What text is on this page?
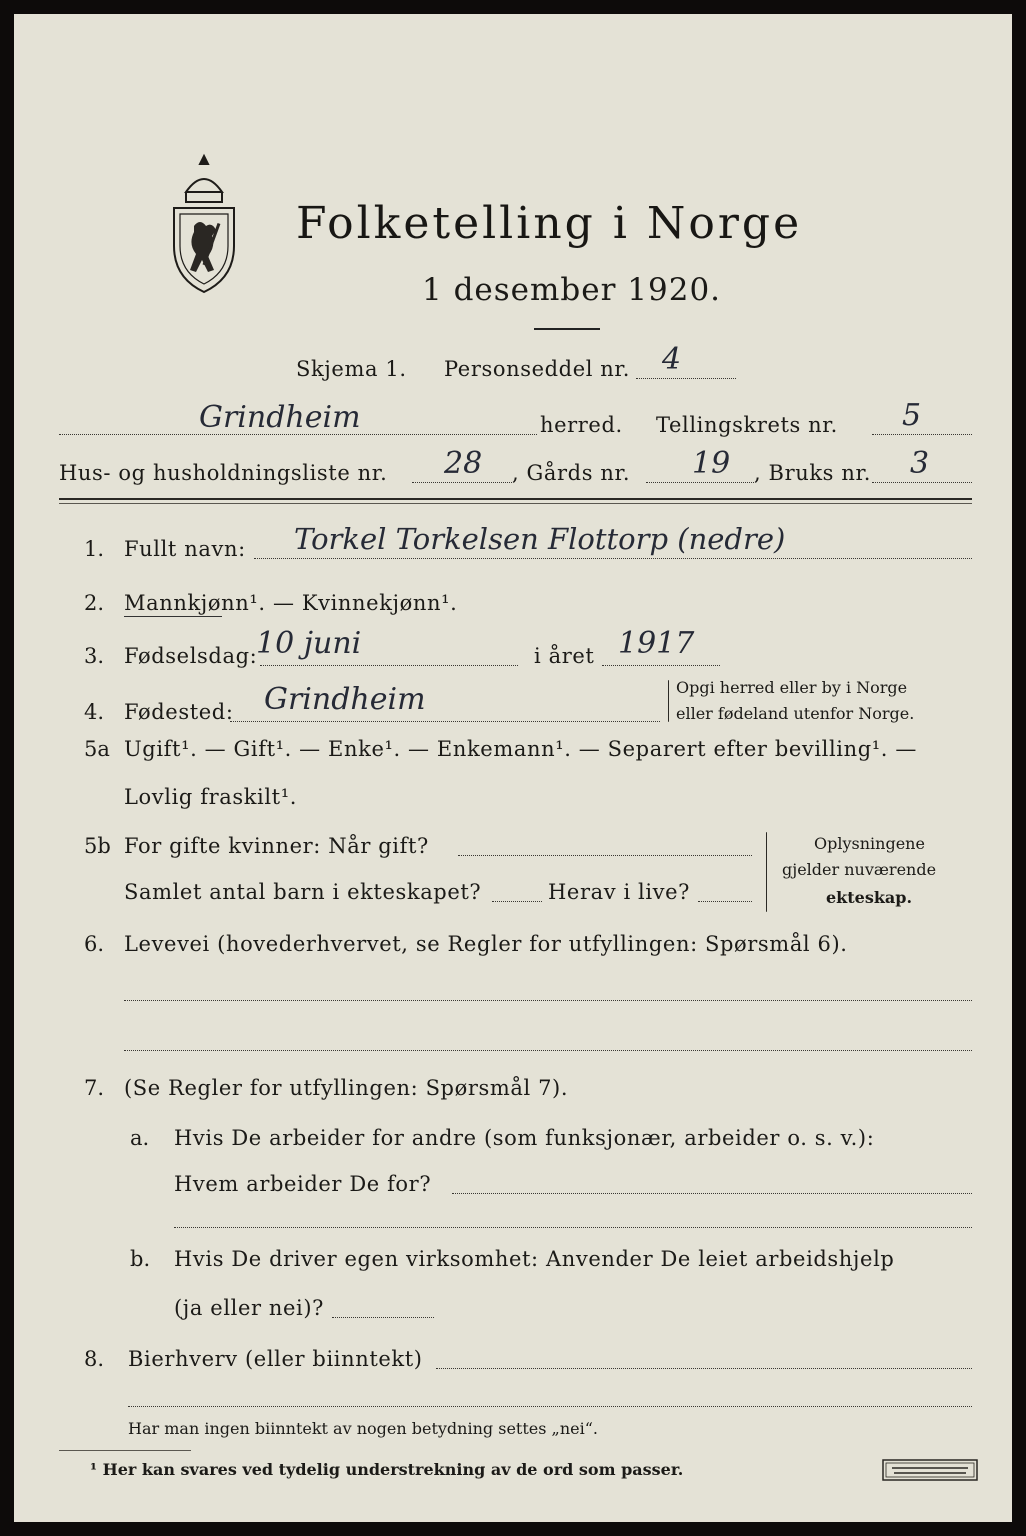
Folketelling i Norge
1 desember 1920.
Skjema 1. Personseddel nr. 4
Grindheim	herred. Tellingskrets nr. 5
Hus- og husholdningsliste nr. 28 , Gårds nr. 19 , Bruks nr. 3
1. Fullt navn: Torkel Torkelsen Flottorp (nedre)
2. Mannkjønn¹. — Kvinnekjønn¹.
3. Fødselsdag:
10 juni	i året 1917
4. Fødested: Grindheim	Opgi herred eller by i Norge
eller fødeland utenfor Norge.
5a Ugift¹. — Gift¹. — Enke¹. — Enkemann¹. — Separert efter bevilling¹. —
Lovlig fraskilt¹.
5b For gifte kvinner: Når gift?
Samlet antal barn i ekteskapet?	Herav i live?
Oplysningene
gjelder nuværende
ekteskap.
6. Levevei (hovederhvervet, se Regler for utfyllingen: Spørsmål 6).
7. (Se Regler for utfyllingen: Spørsmål 7).
a. Hvis De arbeider for andre (som funksjonær, arbeider o. s. v.):
Hvem arbeider De for?
b. Hvis De driver egen virksomhet: Anvender De leiet arbeidshjelp
(ja eller nei)?
8. Bierhverv (eller biinntekt)
Har man ingen biinntekt av nogen betydning settes „nei“.
¹ Her kan svares ved tydelig understrekning av de ord som passer.
